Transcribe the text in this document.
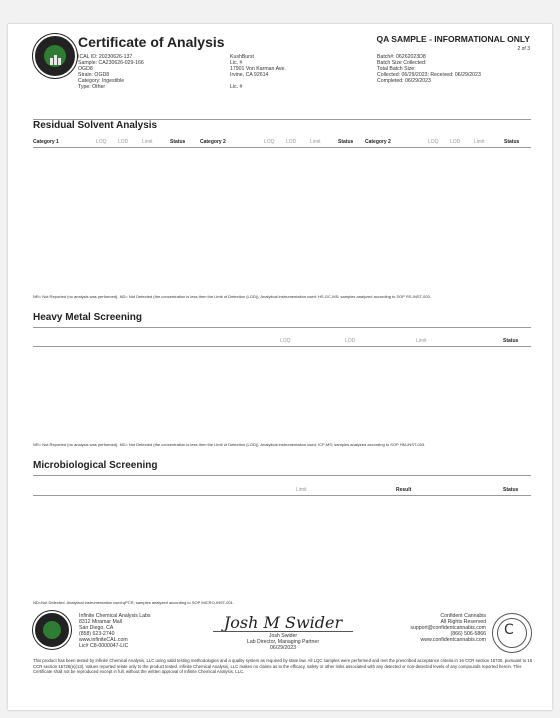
Certificate of Analysis
ICAL ID: 20230626-137
Sample: CA230626-029-166
OGD8
Strain: OGD8
Category: Ingestible
Type: Other
KushBurst
Lic. #
17901 Von Karman Ave.
Irvine, CA 92614
Lic. #
QA SAMPLE - INFORMATIONAL ONLY
2 of 3
Batch#: 06262023D8
Batch Size Collected:
Total Batch Size:
Collected: 06/29/2023; Received: 06/29/2023
Completed: 06/29/2023
Residual Solvent Analysis
Category 1	LOQ LOD	Limit	Status	Category 2	LOQ LOD	Limit	Status Category 2	LOQ LOD	Limit	Status
NR= Not Reported (no analysis was performed), ND= Not Detected (the concentration is less then the Limit of Detection (LOD)). Analytical instrumentation used: HS-GC-MS; samples analyzed according to SOP RS-INST-003.
Heavy Metal Screening
LOQ	LOD	Limit	Status
NR= Not Reported (no analysis was performed), ND= Not Detected (the concentration is less then the Limit of Detection (LOD)). Analytical instrumentation used: ICP-MS; samples analyzed according to SOP HM-INST-003.
Microbiological Screening
Limit	Result	Status
ND=Not Detected. Analytical instrumentation used:qPCR; samples analyzed according to SOP MICRO-INST-001.
Infinite Chemical Analysis Labs
8312 Miramar Mall
San Diego, CA
(858) 623-2740
www.infiniteCAL.com
Lic# C8-0000047-LIC
Josh M Swider
Josh Swider
Lab Director, Managing Partner
06/29/2023
Confident Cannabis
All Rights Reserved
support@confidentcannabis.com
(866) 506-5866
www.confidentcannabis.com
C
This product has been tested by Infinite Chemical Analysis, LLC using valid testing methodologies and a quality system as required by state law. All LQC samples were performed and met the prescribed acceptance criteria in 16 CCR section 15730, pursuant to 16 CCR section 15726(e)(13). Values reported relate only to the product tested. Infinite Chemical Analysis, LLC makes no claims as to the efficacy, safety or other risks associated with any detected or non-detected levels of any compounds reported herein. This Certificate shall not be reproduced except in full, without the written approval of Infinite Chemical Analysis, LLC.
